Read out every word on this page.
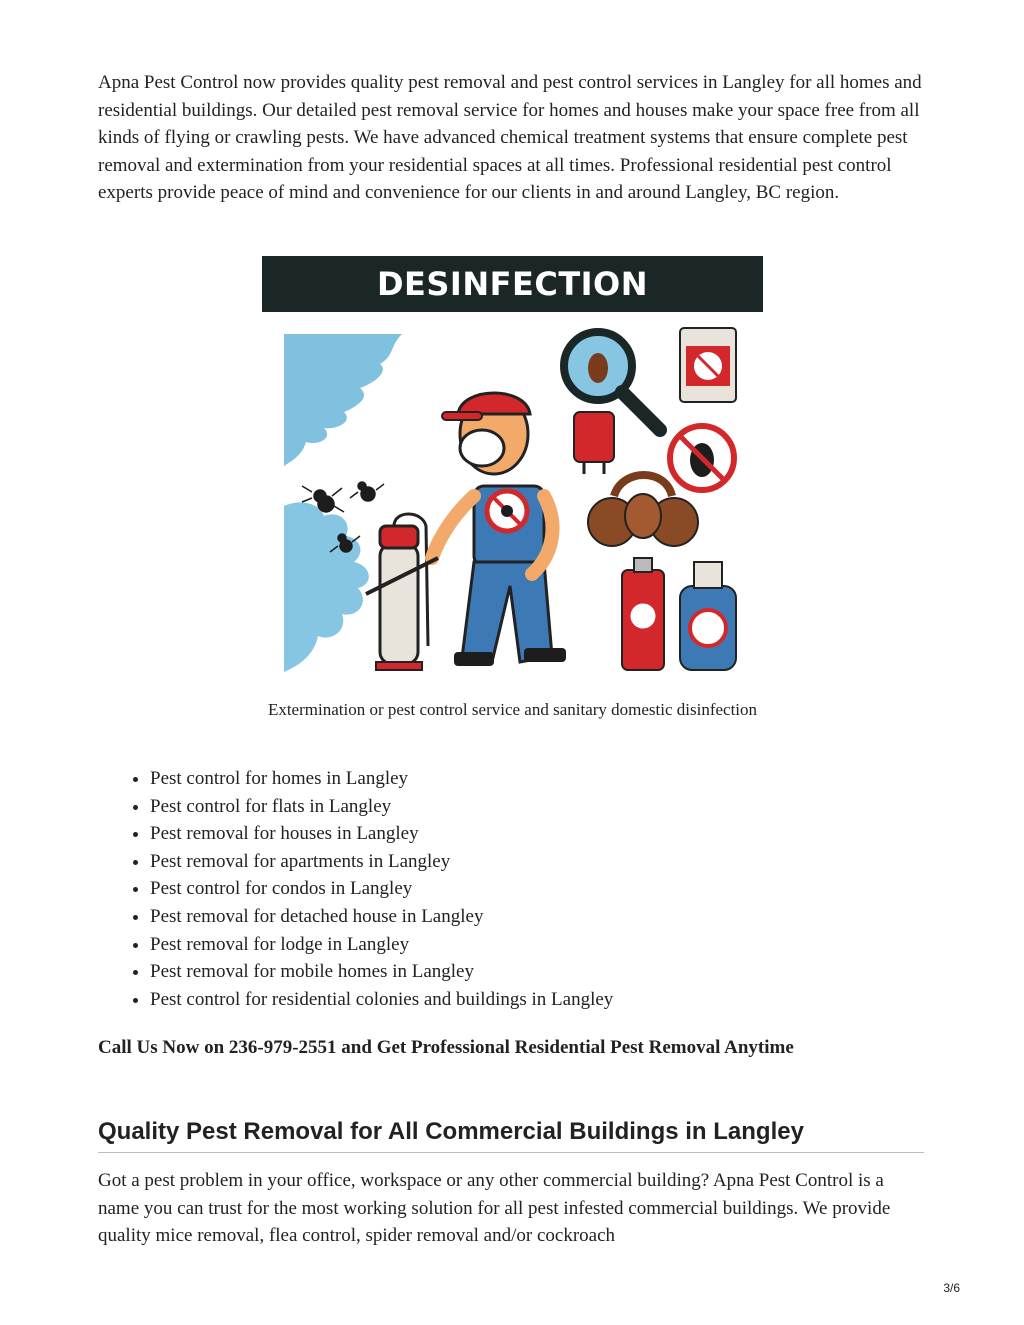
Apna Pest Control now provides quality pest removal and pest control services in Langley for all homes and residential buildings. Our detailed pest removal service for homes and houses make your space free from all kinds of flying or crawling pests. We have advanced chemical treatment systems that ensure complete pest removal and extermination from your residential spaces at all times. Professional residential pest control experts provide peace of mind and convenience for our clients in and around Langley, BC region.

DESINFECTION

Extermination or pest control service and sanitary domestic disinfection

• Pest control for homes in Langley
• Pest control for flats in Langley
• Pest removal for houses in Langley
• Pest removal for apartments in Langley
• Pest control for condos in Langley
• Pest removal for detached house in Langley
• Pest removal for lodge in Langley
• Pest removal for mobile homes in Langley
• Pest control for residential colonies and buildings in Langley

Call Us Now on 236-979-2551 and Get Professional Residential Pest Removal Anytime

Quality Pest Removal for All Commercial Buildings in Langley

Got a pest problem in your office, workspace or any other commercial building? Apna Pest Control is a name you can trust for the most working solution for all pest infested commercial buildings. We provide quality mice removal, flea control, spider removal and/or cockroach

3/6
